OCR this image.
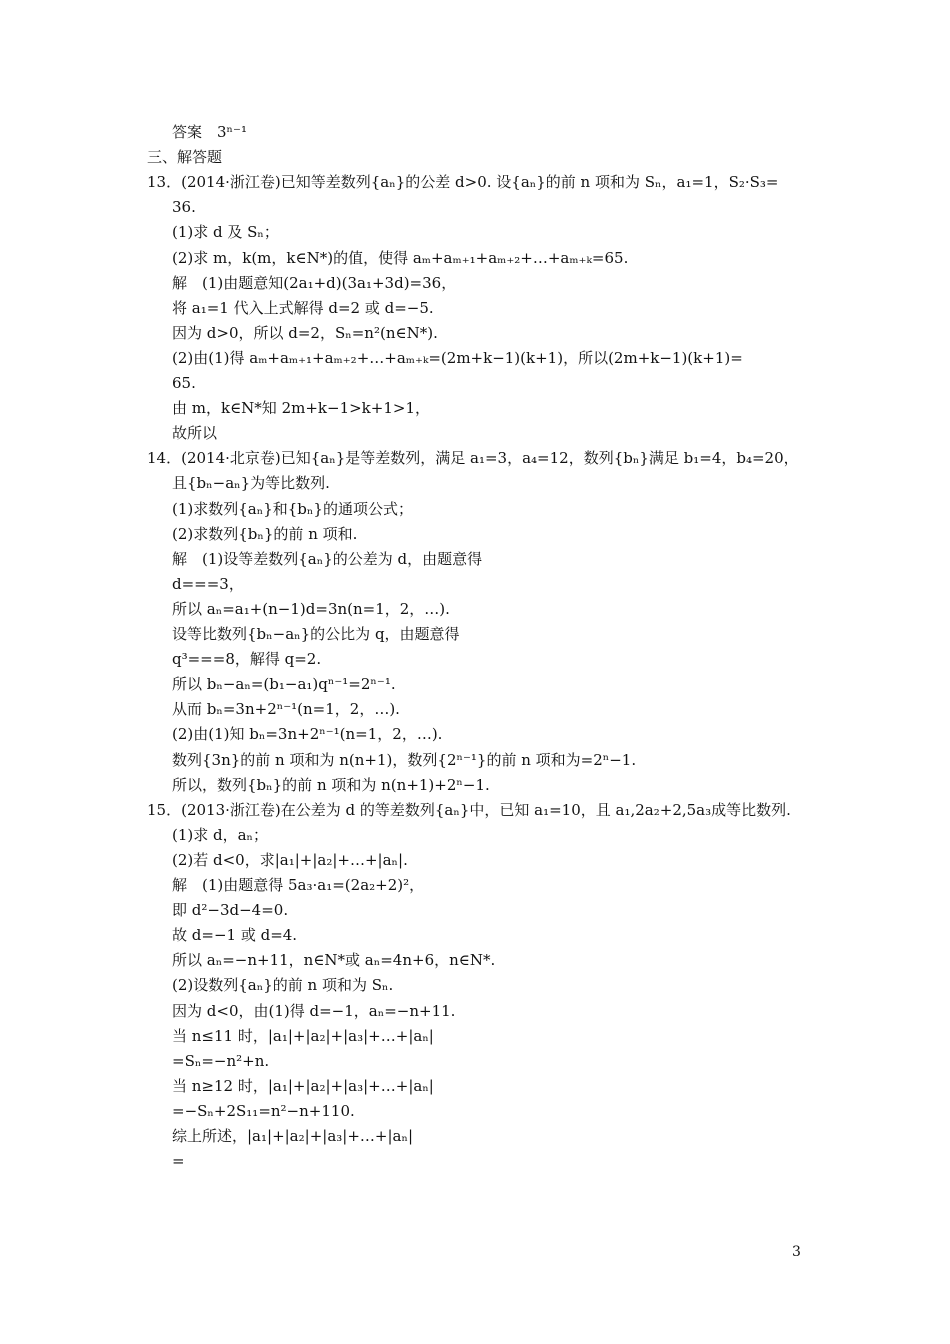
答案　3ⁿ⁻¹
三、解答题
13．(2014·浙江卷)已知等差数列{aₙ}的公差 d>0. 设{aₙ}的前 n 项和为 Sₙ，a₁=1，S₂·S₃=
36.
(1)求 d 及 Sₙ；
(2)求 m，k(m，k∈N*)的值，使得 aₘ+aₘ₊₁+aₘ₊₂+…+aₘ₊ₖ=65.
解　(1)由题意知(2a₁+d)(3a₁+3d)=36，
将 a₁=1 代入上式解得 d=2 或 d=−5.
因为 d>0，所以 d=2，Sₙ=n²(n∈N*).
(2)由(1)得 aₘ+aₘ₊₁+aₘ₊₂+…+aₘ₊ₖ=(2m+k−1)(k+1)，所以(2m+k−1)(k+1)=
65.
由 m，k∈N*知 2m+k−1>k+1>1，
故所以
14．(2014·北京卷)已知{aₙ}是等差数列，满足 a₁=3，a₄=12，数列{bₙ}满足 b₁=4，b₄=20，
且{bₙ−aₙ}为等比数列.
(1)求数列{aₙ}和{bₙ}的通项公式；
(2)求数列{bₙ}的前 n 项和.
解　(1)设等差数列{aₙ}的公差为 d，由题意得
d===3，
所以 aₙ=a₁+(n−1)d=3n(n=1，2，…).
设等比数列{bₙ−aₙ}的公比为 q，由题意得
q³===8，解得 q=2.
所以 bₙ−aₙ=(b₁−a₁)qⁿ⁻¹=2ⁿ⁻¹.
从而 bₙ=3n+2ⁿ⁻¹(n=1，2，…).
(2)由(1)知 bₙ=3n+2ⁿ⁻¹(n=1，2，…).
数列{3n}的前 n 项和为 n(n+1)，数列{2ⁿ⁻¹}的前 n 项和为=2ⁿ−1.
所以，数列{bₙ}的前 n 项和为 n(n+1)+2ⁿ−1.
15．(2013·浙江卷)在公差为 d 的等差数列{aₙ}中，已知 a₁=10，且 a₁,2a₂+2,5a₃成等比数列.
(1)求 d，aₙ；
(2)若 d<0，求|a₁|+|a₂|+…+|aₙ|.
解　(1)由题意得 5a₃·a₁=(2a₂+2)²，
即 d²−3d−4=0.
故 d=−1 或 d=4.
所以 aₙ=−n+11，n∈N*或 aₙ=4n+6，n∈N*.
(2)设数列{aₙ}的前 n 项和为 Sₙ.
因为 d<0，由(1)得 d=−1，aₙ=−n+11.
当 n≤11 时，|a₁|+|a₂|+|a₃|+…+|aₙ|
=Sₙ=−n²+n.
当 n≥12 时，|a₁|+|a₂|+|a₃|+…+|aₙ|
=−Sₙ+2S₁₁=n²−n+110.
综上所述，|a₁|+|a₂|+|a₃|+…+|aₙ|
=
3
